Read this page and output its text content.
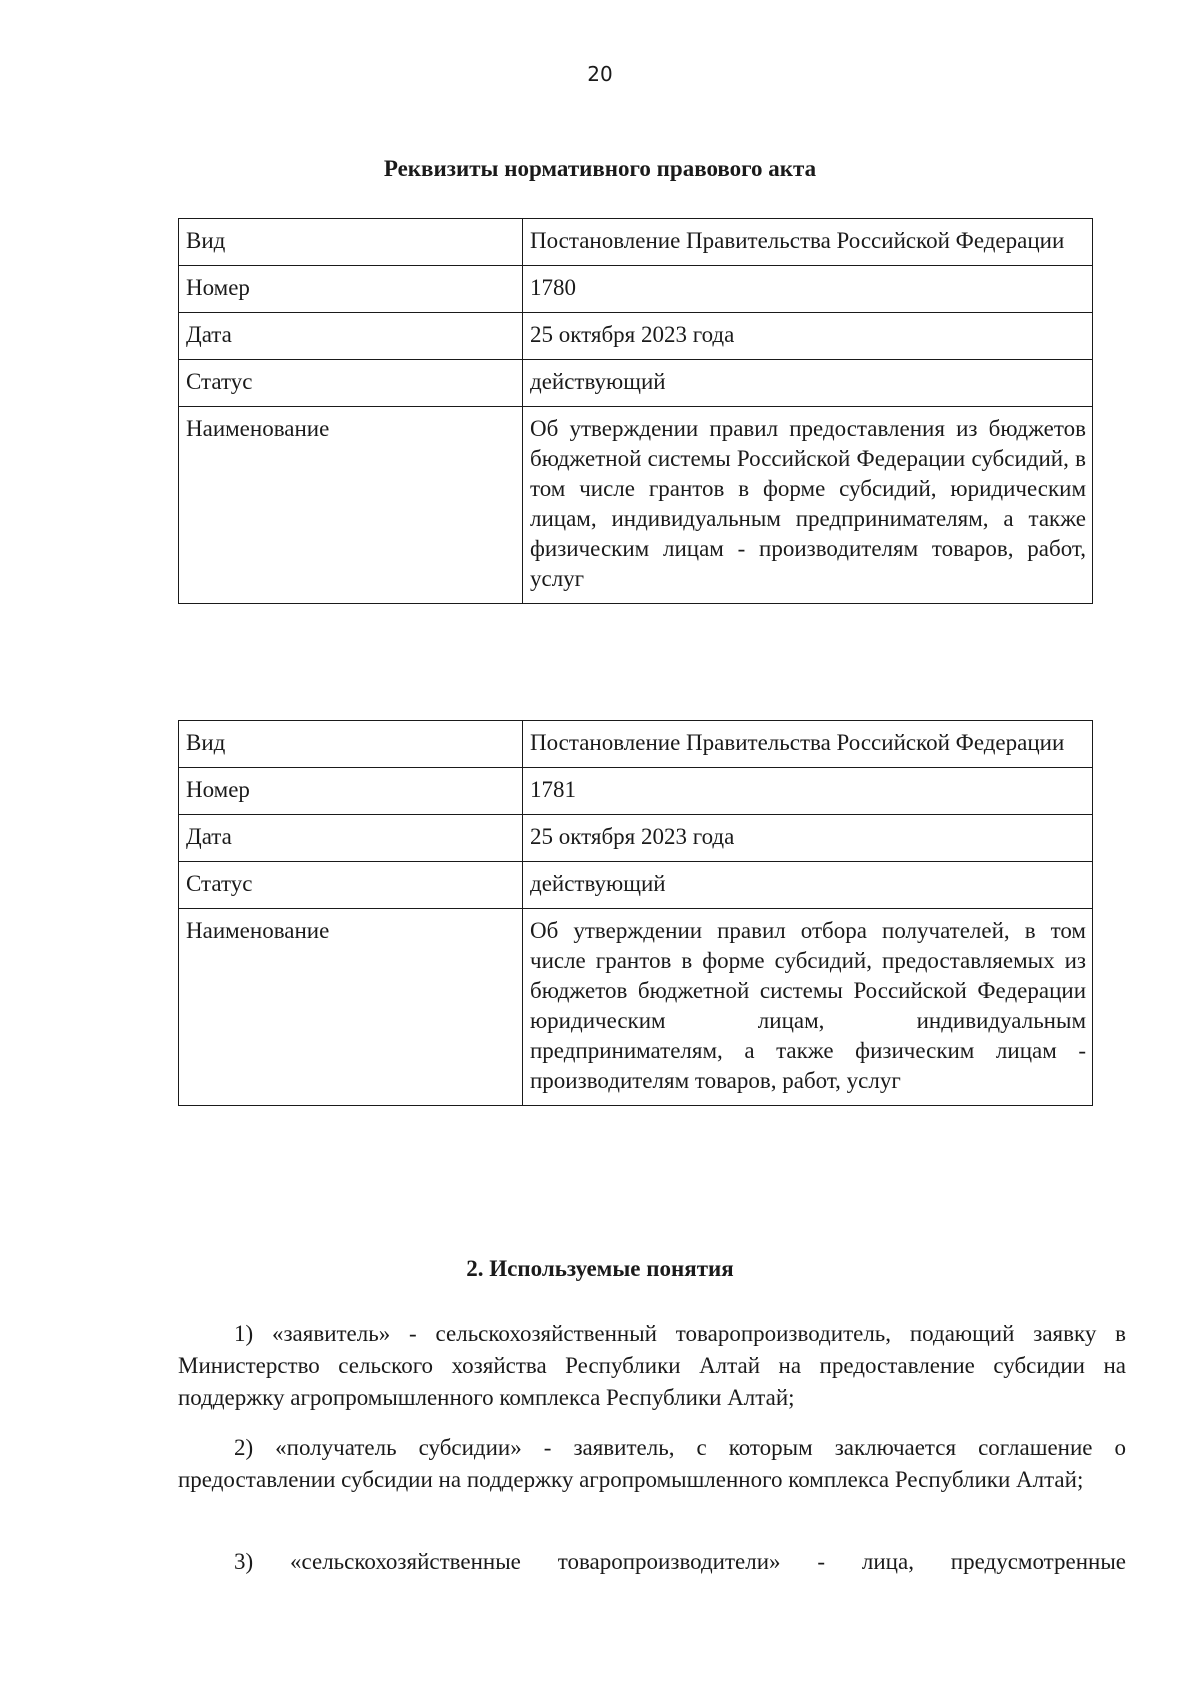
20
Реквизиты нормативного правового акта
Вид	Постановление Правительства Российской Федерации
Номер	1780
Дата	25 октября 2023 года
Статус	действующий
Наименование	Об утверждении правил предоставления из бюджетов бюджетной системы Российской Федерации субсидий, в том числе грантов в форме субсидий, юридическим лицам, индивидуальным предпринимателям, а также физическим лицам - производителям товаров, работ, услуг
Вид	Постановление Правительства Российской Федерации
Номер	1781
Дата	25 октября 2023 года
Статус	действующий
Наименование	Об утверждении правил отбора получателей, в том числе грантов в форме субсидий, предоставляемых из бюджетов бюджетной системы Российской Федерации юридическим лицам, индивидуальным предпринимателям, а также физическим лицам - производителям товаров, работ, услуг
2. Используемые понятия

1) «заявитель» - сельскохозяйственный товаропроизводитель, подающий заявку в Министерство сельского хозяйства Республики Алтай на предоставление субсидии на поддержку агропромышленного комплекса Республики Алтай;

2) «получатель субсидии» - заявитель, с которым заключается соглашение о предоставлении субсидии на поддержку агропромышленного комплекса Республики Алтай;

3) «сельскохозяйственные товаропроизводители» - лица, предусмотренные
